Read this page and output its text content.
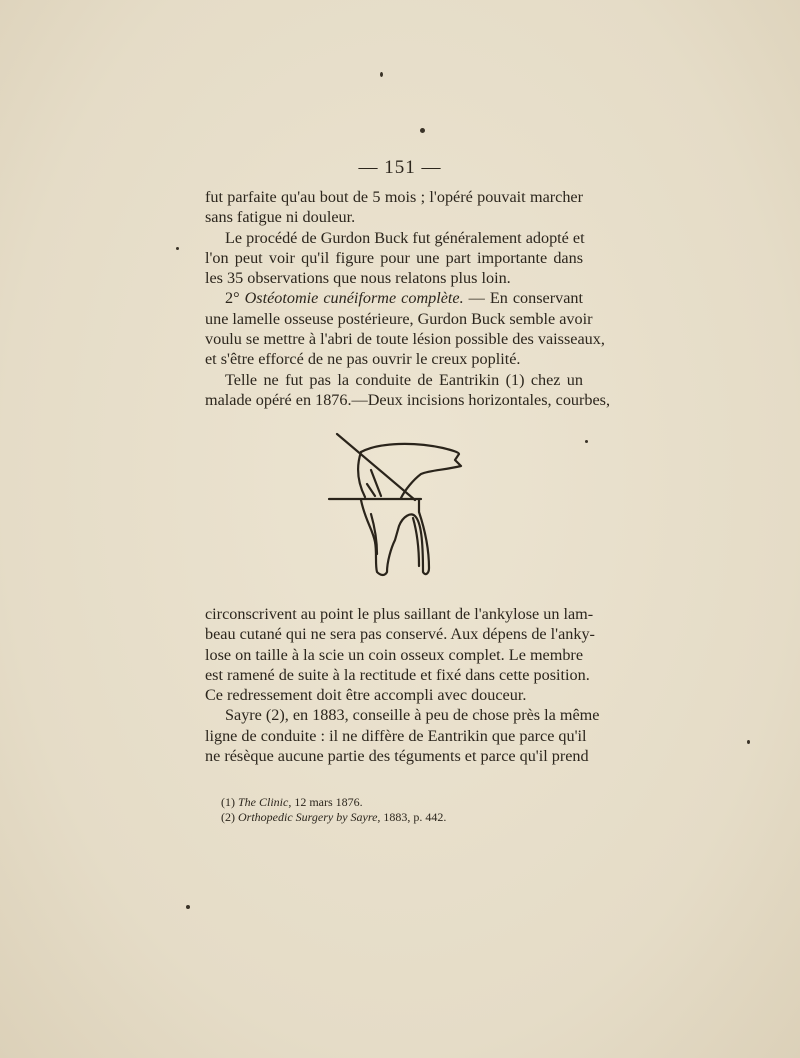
— 151 —
fut parfaite qu'au bout de 5 mois ; l'opéré pouvait marcher
sans fatigue ni douleur.
Le procédé de Gurdon Buck fut généralement adopté et
l'on peut voir qu'il figure pour une part importante dans
les 35 observations que nous relatons plus loin.
2° Ostéotomie cunéiforme complète. — En conservant
une lamelle osseuse postérieure, Gurdon Buck semble avoir
voulu se mettre à l'abri de toute lésion possible des vaisseaux,
et s'être efforcé de ne pas ouvrir le creux poplité.
Telle ne fut pas la conduite de Eantrikin (1) chez un
malade opéré en 1876.—Deux incisions horizontales, courbes,
circonscrivent au point le plus saillant de l'ankylose un lam-
beau cutané qui ne sera pas conservé. Aux dépens de l'anky-
lose on taille à la scie un coin osseux complet. Le membre
est ramené de suite à la rectitude et fixé dans cette position.
Ce redressement doit être accompli avec douceur.
Sayre (2), en 1883, conseille à peu de chose près la même
ligne de conduite : il ne diffère de Eantrikin que parce qu'il
ne résèque aucune partie des téguments et parce qu'il prend
(1) The Clinic, 12 mars 1876.
(2) Orthopedic Surgery by Sayre, 1883, p. 442.
